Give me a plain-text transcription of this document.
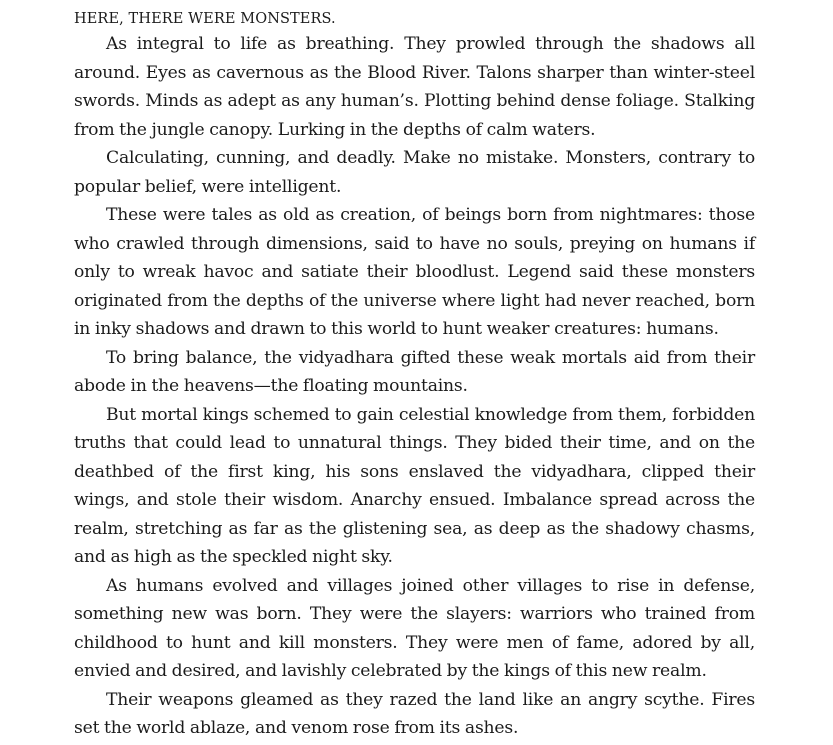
HERE, THERE WERE MONSTERS.

As integral to life as breathing. They prowled through the shadows all around. Eyes as cavernous as the Blood River. Talons sharper than winter-steel swords. Minds as adept as any human’s. Plotting behind dense foliage. Stalking from the jungle canopy. Lurking in the depths of calm waters.

Calculating, cunning, and deadly. Make no mistake. Monsters, contrary to popular belief, were intelligent.

These were tales as old as creation, of beings born from nightmares: those who crawled through dimensions, said to have no souls, preying on humans if only to wreak havoc and satiate their bloodlust. Legend said these monsters originated from the depths of the universe where light had never reached, born in inky shadows and drawn to this world to hunt weaker creatures: humans.

To bring balance, the vidyadhara gifted these weak mortals aid from their abode in the heavens—the floating mountains.

But mortal kings schemed to gain celestial knowledge from them, forbidden truths that could lead to unnatural things. They bided their time, and on the deathbed of the first king, his sons enslaved the vidyadhara, clipped their wings, and stole their wisdom. Anarchy ensued. Imbalance spread across the realm, stretching as far as the glistening sea, as deep as the shadowy chasms, and as high as the speckled night sky.

As humans evolved and villages joined other villages to rise in defense, something new was born. They were the slayers: warriors who trained from childhood to hunt and kill monsters. They were men of fame, adored by all, envied and desired, and lavishly celebrated by the kings of this new realm.

Their weapons gleamed as they razed the land like an angry scythe. Fires set the world ablaze, and venom rose from its ashes.
